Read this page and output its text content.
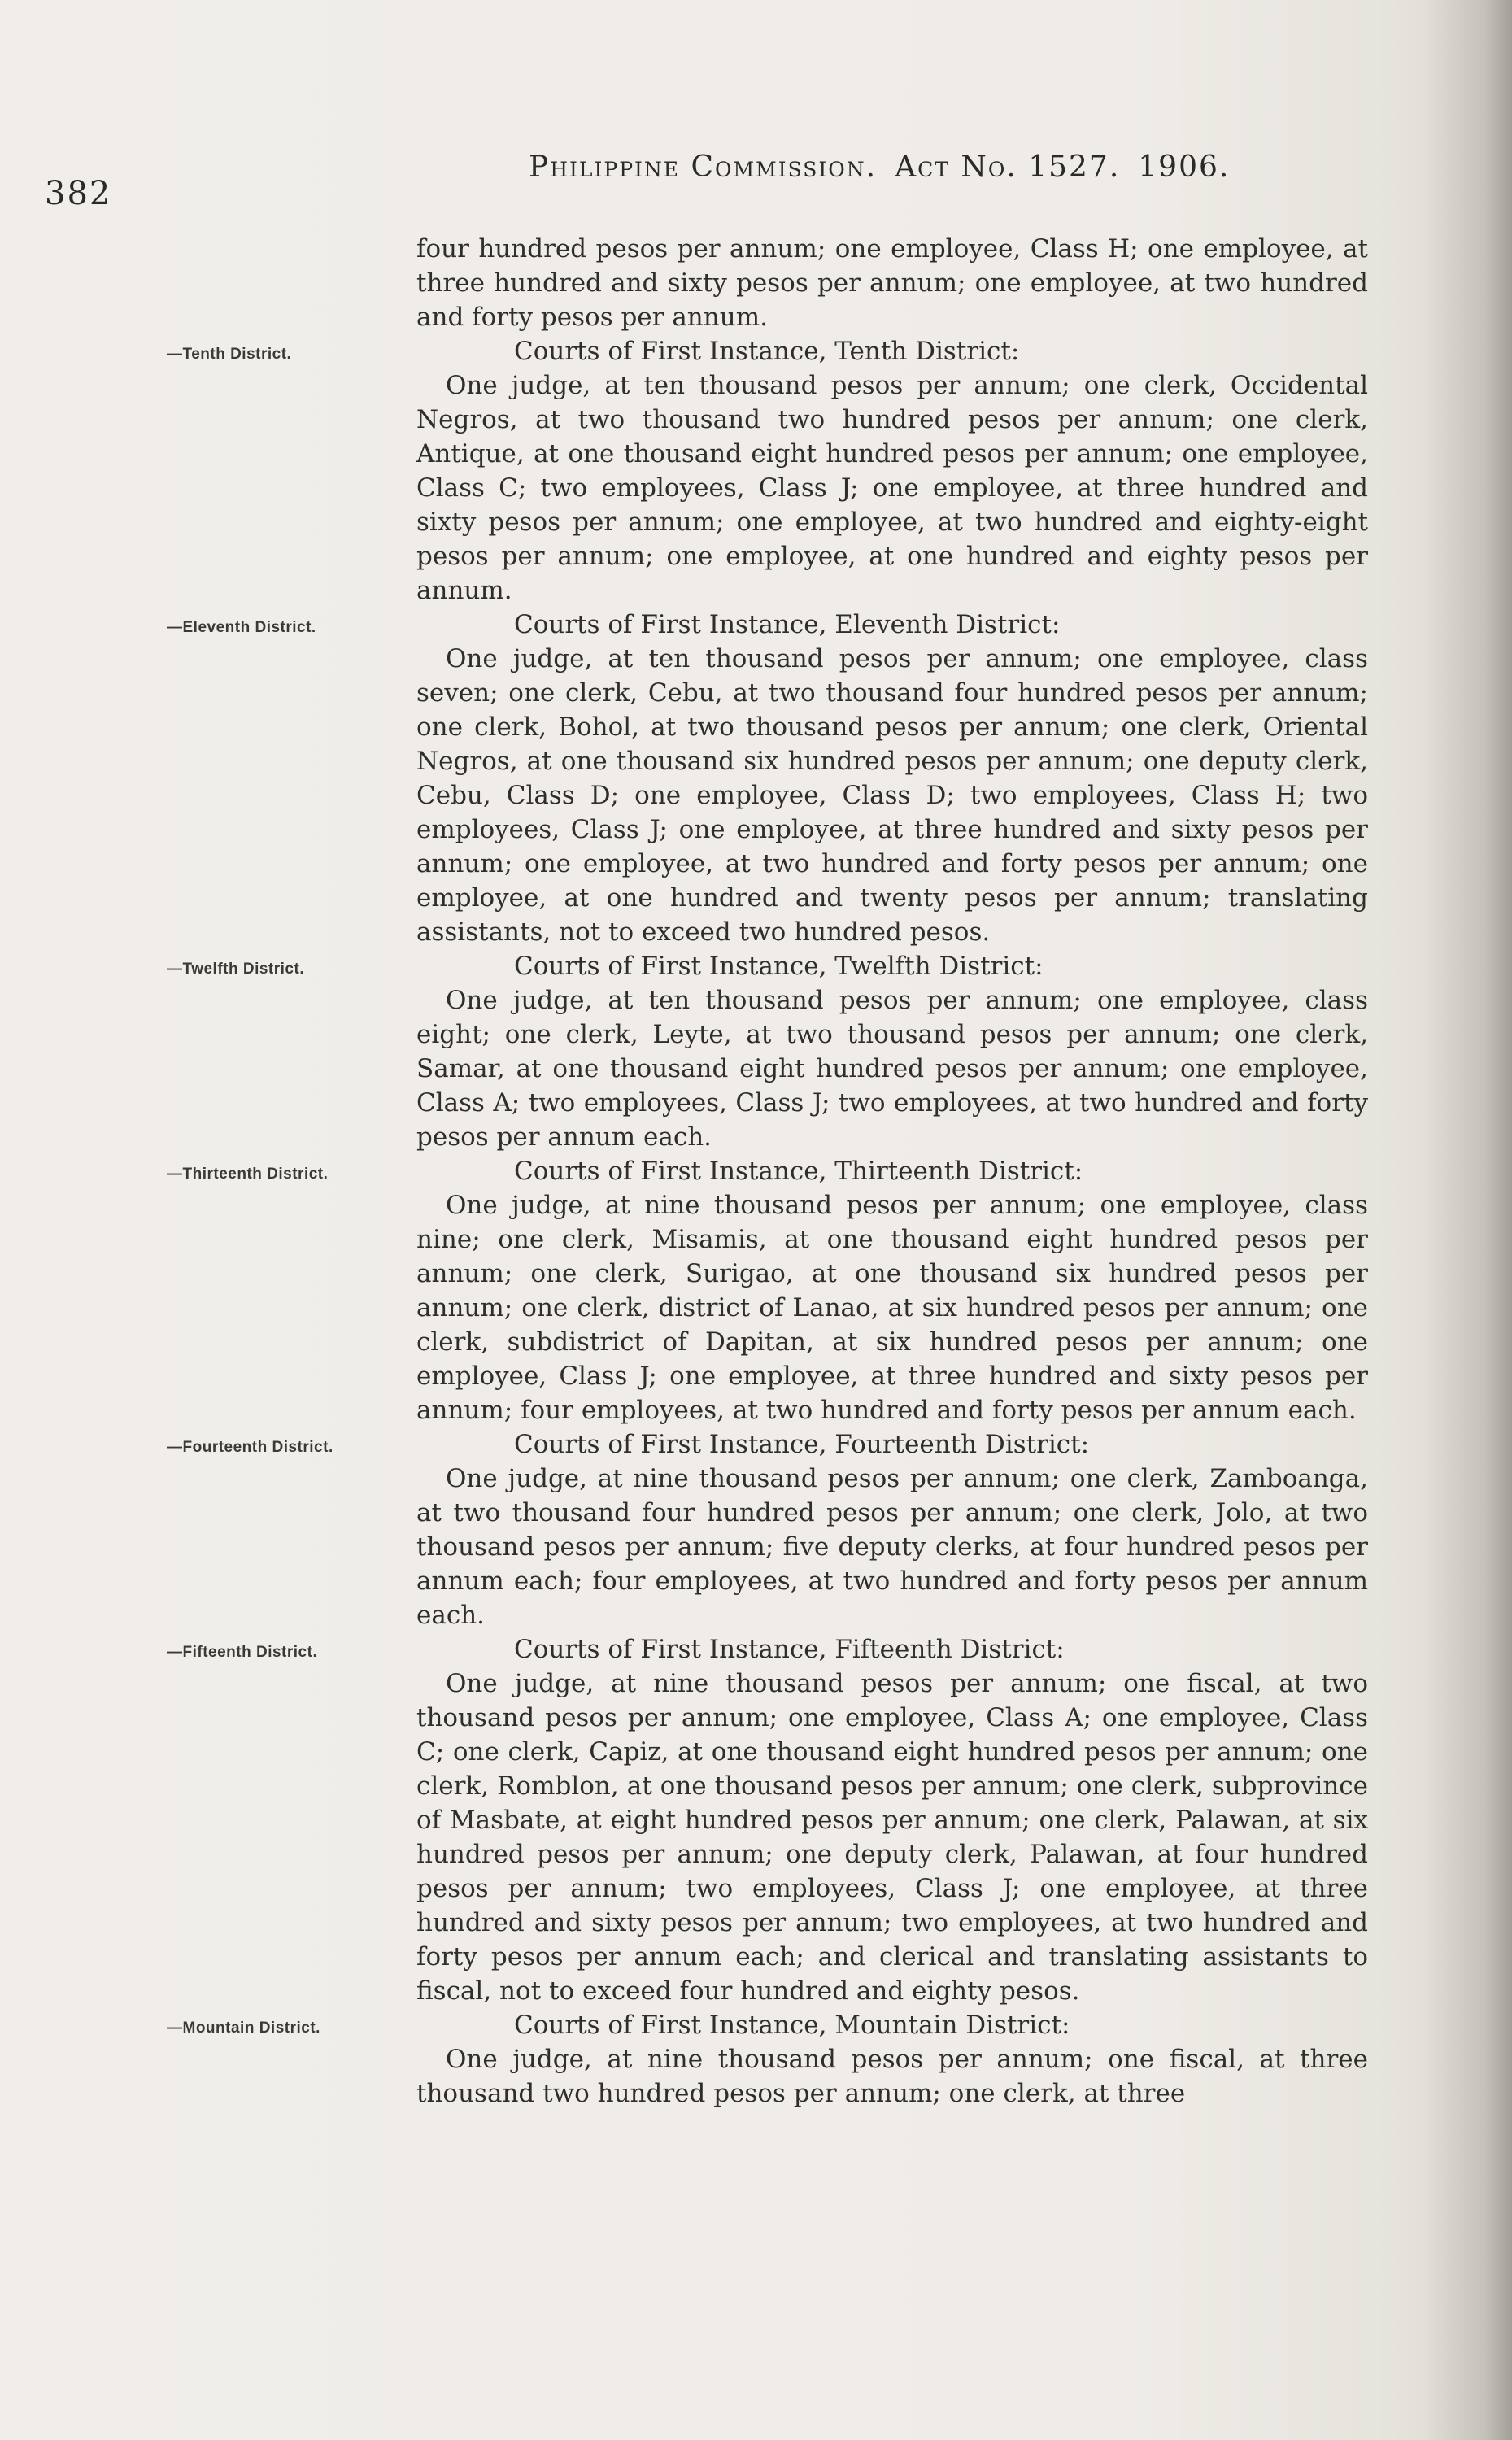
382
Philippine Commission. Act No. 1527. 1906.

four hundred pesos per annum; one employee, Class H; one employee, at three hundred and sixty pesos per annum; one employee, at two hundred and forty pesos per annum.

—Tenth District.	Courts of First Instance, Tenth District:

One judge, at ten thousand pesos per annum; one clerk, Occidental Negros, at two thousand two hundred pesos per annum; one clerk, Antique, at one thousand eight hundred pesos per annum; one employee, Class C; two employees, Class J; one employee, at three hundred and sixty pesos per annum; one employee, at two hundred and eighty-eight pesos per annum; one employee, at one hundred and eighty pesos per annum.

—Eleventh District.	Courts of First Instance, Eleventh District:

One judge, at ten thousand pesos per annum; one employee, class seven; one clerk, Cebu, at two thousand four hundred pesos per annum; one clerk, Bohol, at two thousand pesos per annum; one clerk, Oriental Negros, at one thousand six hundred pesos per annum; one deputy clerk, Cebu, Class D; one employee, Class D; two employees, Class H; two employees, Class J; one employee, at three hundred and sixty pesos per annum; one employee, at two hundred and forty pesos per annum; one employee, at one hundred and twenty pesos per annum; translating assistants, not to exceed two hundred pesos.

—Twelfth District.	Courts of First Instance, Twelfth District:

One judge, at ten thousand pesos per annum; one employee, class eight; one clerk, Leyte, at two thousand pesos per annum; one clerk, Samar, at one thousand eight hundred pesos per annum; one employee, Class A; two employees, Class J; two employees, at two hundred and forty pesos per annum each.

—Thirteenth District.	Courts of First Instance, Thirteenth District:

One judge, at nine thousand pesos per annum; one employee, class nine; one clerk, Misamis, at one thousand eight hundred pesos per annum; one clerk, Surigao, at one thousand six hundred pesos per annum; one clerk, district of Lanao, at six hundred pesos per annum; one clerk, subdistrict of Dapitan, at six hundred pesos per annum; one employee, Class J; one employee, at three hundred and sixty pesos per annum; four employees, at two hundred and forty pesos per annum each.

—Fourteenth District.	Courts of First Instance, Fourteenth District:

One judge, at nine thousand pesos per annum; one clerk, Zamboanga, at two thousand four hundred pesos per annum; one clerk, Jolo, at two thousand pesos per annum; five deputy clerks, at four hundred pesos per annum each; four employees, at two hundred and forty pesos per annum each.

—Fifteenth District.	Courts of First Instance, Fifteenth District:

One judge, at nine thousand pesos per annum; one fiscal, at two thousand pesos per annum; one employee, Class A; one employee, Class C; one clerk, Capiz, at one thousand eight hundred pesos per annum; one clerk, Romblon, at one thousand pesos per annum; one clerk, subprovince of Masbate, at eight hundred pesos per annum; one clerk, Palawan, at six hundred pesos per annum; one deputy clerk, Palawan, at four hundred pesos per annum; two employees, Class J; one employee, at three hundred and sixty pesos per annum; two employees, at two hundred and forty pesos per annum each; and clerical and translating assistants to fiscal, not to exceed four hundred and eighty pesos.

—Mountain District.	Courts of First Instance, Mountain District:

One judge, at nine thousand pesos per annum; one fiscal, at three thousand two hundred pesos per annum; one clerk, at three
